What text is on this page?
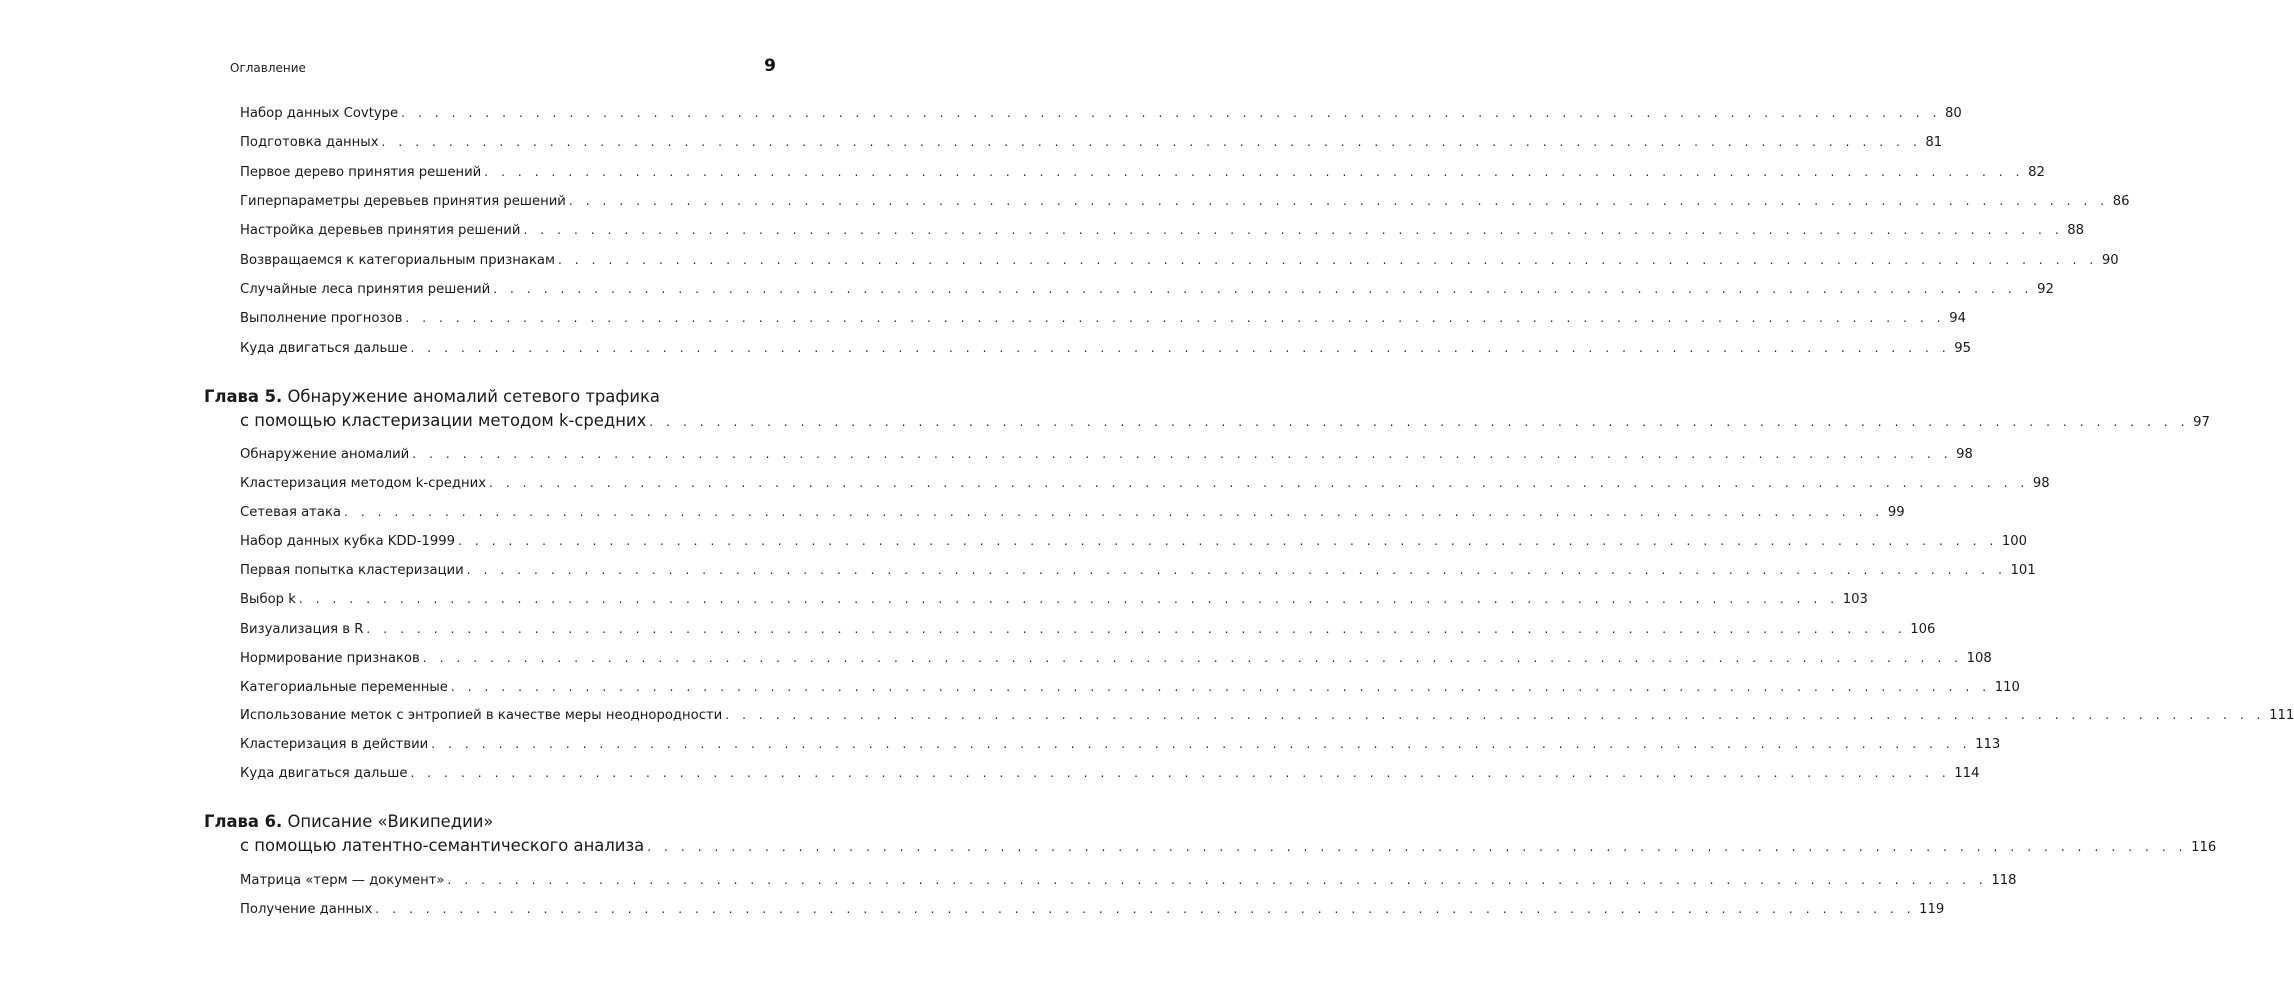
Оглавление	9
Набор данных Covtype . . . . . . . . . . . . . . . . . . . . . . . . . . . . . . . . . . . . . . . . . . . . . . . . . . . . . . . . . . . . . . . . . . . . . . . . . . . . . . . . . . . . . . . . . . . . 80
Подготовка данных . . . . . . . . . . . . . . . . . . . . . . . . . . . . . . . . . . . . . . . . . . . . . . . . . . . . . . . . . . . . . . . . . . . . . . . . . . . . . . . . . . . . . . . . . . . . 81
Первое дерево принятия решений . . . . . . . . . . . . . . . . . . . . . . . . . . . . . . . . . . . . . . . . . . . . . . . . . . . . . . . . . . . . . . . . . . . . . . . . . . . . . . . . . . . . . . . . . . . . 82
Гиперпараметры деревьев принятия решений . . . . . . . . . . . . . . . . . . . . . . . . . . . . . . . . . . . . . . . . . . . . . . . . . . . . . . . . . . . . . . . . . . . . . . . . . . . . . . . . . . . . . . . . . . . . 86
Настройка деревьев принятия решений . . . . . . . . . . . . . . . . . . . . . . . . . . . . . . . . . . . . . . . . . . . . . . . . . . . . . . . . . . . . . . . . . . . . . . . . . . . . . . . . . . . . . . . . . . . . 88
Возвращаемся к категориальным признакам . . . . . . . . . . . . . . . . . . . . . . . . . . . . . . . . . . . . . . . . . . . . . . . . . . . . . . . . . . . . . . . . . . . . . . . . . . . . . . . . . . . . . . . . . . . . 90
Случайные леса принятия решений . . . . . . . . . . . . . . . . . . . . . . . . . . . . . . . . . . . . . . . . . . . . . . . . . . . . . . . . . . . . . . . . . . . . . . . . . . . . . . . . . . . . . . . . . . . . 92
Выполнение прогнозов . . . . . . . . . . . . . . . . . . . . . . . . . . . . . . . . . . . . . . . . . . . . . . . . . . . . . . . . . . . . . . . . . . . . . . . . . . . . . . . . . . . . . . . . . . . . 94
Куда двигаться дальше . . . . . . . . . . . . . . . . . . . . . . . . . . . . . . . . . . . . . . . . . . . . . . . . . . . . . . . . . . . . . . . . . . . . . . . . . . . . . . . . . . . . . . . . . . . . 95
Глава 5. Обнаружение аномалий сетевого трафика
с помощью кластеризации методом k-средних . . . . . . . . . . . . . . . . . . . . . . . . . . . . . . . . . . . . . . . . . . . . . . . . . . . . . . . . . . . . . . . . . . . . . . . . . . . . . . . . . . . . . . . . . . . . 97
Обнаружение аномалий . . . . . . . . . . . . . . . . . . . . . . . . . . . . . . . . . . . . . . . . . . . . . . . . . . . . . . . . . . . . . . . . . . . . . . . . . . . . . . . . . . . . . . . . . . . . 98
Кластеризация методом k-средних . . . . . . . . . . . . . . . . . . . . . . . . . . . . . . . . . . . . . . . . . . . . . . . . . . . . . . . . . . . . . . . . . . . . . . . . . . . . . . . . . . . . . . . . . . . . 98
Сетевая атака . . . . . . . . . . . . . . . . . . . . . . . . . . . . . . . . . . . . . . . . . . . . . . . . . . . . . . . . . . . . . . . . . . . . . . . . . . . . . . . . . . . . . . . . . . . . 99
Набор данных кубка KDD-1999 . . . . . . . . . . . . . . . . . . . . . . . . . . . . . . . . . . . . . . . . . . . . . . . . . . . . . . . . . . . . . . . . . . . . . . . . . . . . . . . . . . . . . . . . . . . . 100
Первая попытка кластеризации . . . . . . . . . . . . . . . . . . . . . . . . . . . . . . . . . . . . . . . . . . . . . . . . . . . . . . . . . . . . . . . . . . . . . . . . . . . . . . . . . . . . . . . . . . . . 101
Выбор k . . . . . . . . . . . . . . . . . . . . . . . . . . . . . . . . . . . . . . . . . . . . . . . . . . . . . . . . . . . . . . . . . . . . . . . . . . . . . . . . . . . . . . . . . . . . 103
Визуализация в R . . . . . . . . . . . . . . . . . . . . . . . . . . . . . . . . . . . . . . . . . . . . . . . . . . . . . . . . . . . . . . . . . . . . . . . . . . . . . . . . . . . . . . . . . . . . 106
Нормирование признаков . . . . . . . . . . . . . . . . . . . . . . . . . . . . . . . . . . . . . . . . . . . . . . . . . . . . . . . . . . . . . . . . . . . . . . . . . . . . . . . . . . . . . . . . . . . . 108
Категориальные переменные . . . . . . . . . . . . . . . . . . . . . . . . . . . . . . . . . . . . . . . . . . . . . . . . . . . . . . . . . . . . . . . . . . . . . . . . . . . . . . . . . . . . . . . . . . . . 110
Использование меток с энтропией в качестве меры неоднородности . . . . . . . . . . . . . . . . . . . . . . . . . . . . . . . . . . . . . . . . . . . . . . . . . . . . . . . . . . . . . . . . . . . . . . . . . . . . . . . . . . . . . . . . . . . . 111
Кластеризация в действии . . . . . . . . . . . . . . . . . . . . . . . . . . . . . . . . . . . . . . . . . . . . . . . . . . . . . . . . . . . . . . . . . . . . . . . . . . . . . . . . . . . . . . . . . . . . 113
Куда двигаться дальше . . . . . . . . . . . . . . . . . . . . . . . . . . . . . . . . . . . . . . . . . . . . . . . . . . . . . . . . . . . . . . . . . . . . . . . . . . . . . . . . . . . . . . . . . . . . 114
Глава 6. Описание «Википедии»
с помощью латентно-семантического анализа . . . . . . . . . . . . . . . . . . . . . . . . . . . . . . . . . . . . . . . . . . . . . . . . . . . . . . . . . . . . . . . . . . . . . . . . . . . . . . . . . . . . . . . . . . . . 116
Матрица «терм — документ» . . . . . . . . . . . . . . . . . . . . . . . . . . . . . . . . . . . . . . . . . . . . . . . . . . . . . . . . . . . . . . . . . . . . . . . . . . . . . . . . . . . . . . . . . . . . 118
Получение данных . . . . . . . . . . . . . . . . . . . . . . . . . . . . . . . . . . . . . . . . . . . . . . . . . . . . . . . . . . . . . . . . . . . . . . . . . . . . . . . . . . . . . . . . . . . . 119
